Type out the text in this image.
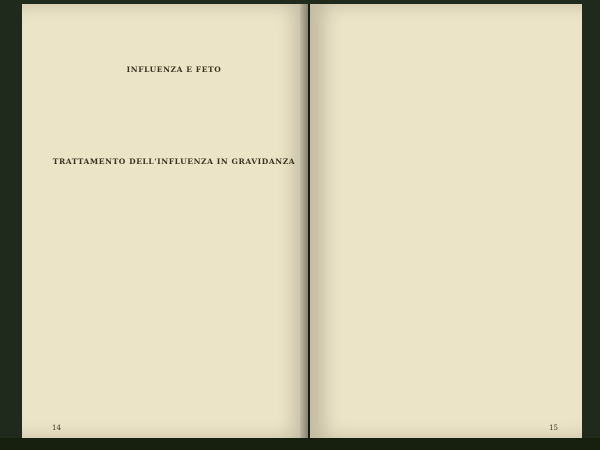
INFLUENZA E FETO

TRATTAMENTO DELL'INFLUENZA IN GRAVIDANZA

14	15
